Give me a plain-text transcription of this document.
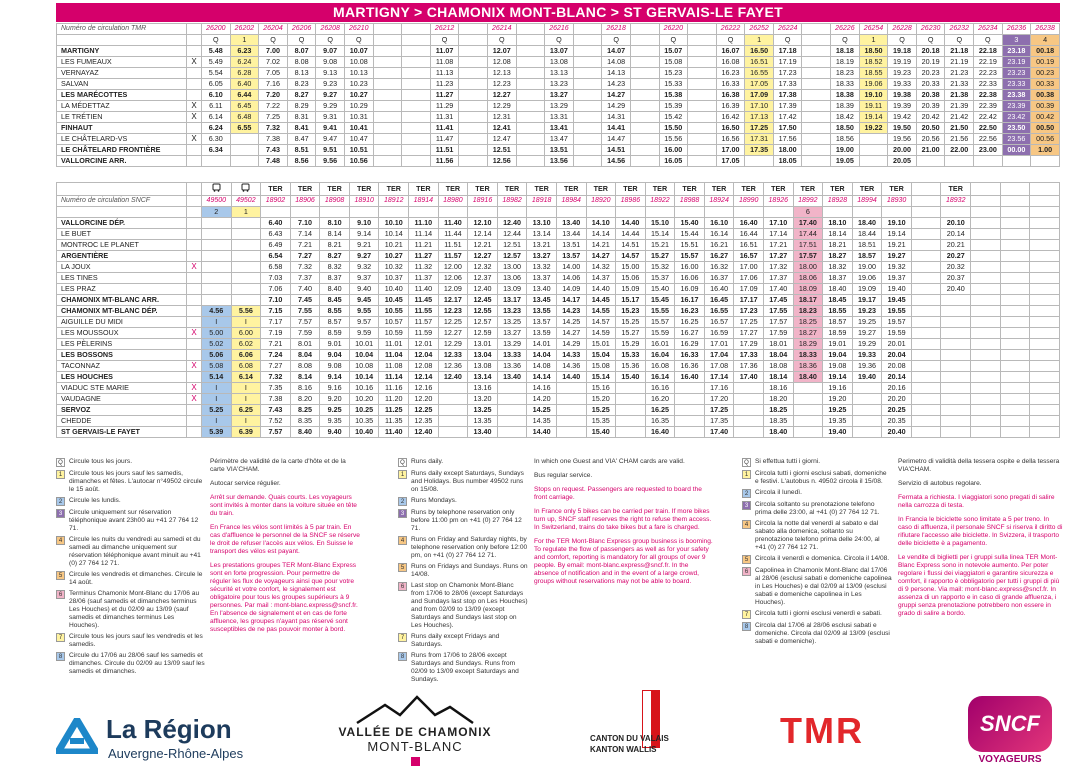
MARTIGNY > CHAMONIX MONT-BLANC > ST GERVAIS-LE FAYET
Numéro de circulation TMR		26200	26202	26204	26206	26208	26210			26212		26214		26216		26218		26220		26222	26252	26224		26226	26254	26228	26230	26232	26234	26236	26238
		Q	1	Q	Q	Q	Q			Q		Q		Q		Q		Q		Q	1	Q		Q	1	Q	Q	Q	Q	3	4
MARTIGNY		5.48	6.23	7.00	8.07	9.07	10.07			11.07		12.07		13.07		14.07		15.07		16.07	16.50	17.18		18.18	18.50	19.18	20.18	21.18	22.18	23.18	00.18
LES FUMEAUX	X	5.49	6.24	7.02	8.08	9.08	10.08			11.08		12.08		13.08		14.08		15.08		16.08	16.51	17.19		18.19	18.52	19.19	20.19	21.19	22.19	23.19	00.19
VERNAYAZ		5.54	6.28	7.05	8.13	9.13	10.13			11.13		12.13		13.13		14.13		15.23		16.23	16.55	17.23		18.23	18.55	19.23	20.23	21.23	22.23	23.23	00.23
SALVAN		6.05	6.40	7.16	8.23	9.23	10.23			11.23		12.23		13.23		14.23		15.33		16.33	17.05	17.33		18.33	19.06	19.33	20.33	21.33	22.33	23.33	00.33
LES MARÉCOTTES		6.10	6.44	7.20	8.27	9.27	10.27			11.27		12.27		13.27		14.27		15.38		16.38	17.09	17.38		18.38	19.10	19.38	20.38	21.38	22.38	23.38	00.38
LA MÉDETTAZ	X	6.11	6.45	7.22	8.29	9.29	10.29			11.29		12.29		13.29		14.29		15.39		16.39	17.10	17.39		18.39	19.11	19.39	20.39	21.39	22.39	23.39	00.39
LE TRÉTIEN	X	6.14	6.48	7.25	8.31	9.31	10.31			11.31		12.31		13.31		14.31		15.42		16.42	17.13	17.42		18.42	19.14	19.42	20.42	21.42	22.42	23.42	00.42
FINHAUT		6.24	6.55	7.32	8.41	9.41	10.41			11.41		12.41		13.41		14.41		15.50		16.50	17.25	17.50		18.50	19.22	19.50	20.50	21.50	22.50	23.50	00.50
LE CHÂTELARD-VS	X	6.30		7.38	8.47	9.47	10.47			11.47		12.47		13.47		14.47		15.56		16.56	17.31	17.56		18.56		19.56	20.56	21.56	22.56	23.56	00.56
LE CHÂTELARD FRONTIÈRE		6.34		7.43	8.51	9.51	10.51			11.51		12.51		13.51		14.51		16.00		17.00	17.35	18.00		19.00		20.00	21.00	22.00	23.00	00.00	1.00
VALLORCINE ARR.				7.48	8.56	9.56	10.56			11.56		12.56		13.56		14.56		16.05		17.05		18.05		19.05		20.05					
				TER	TER	TER	TER	TER	TER	TER	TER	TER	TER	TER	TER	TER	TER	TER	TER	TER	TER	TER	TER	TER	TER		TER			
Numéro de circulation SNCF		49500	49502	18902	18906	18908	18910	18912	18914	18980	18916	18982	18918	18984	18920	18986	18922	18988	18924	18990	18926	18992	18928	18994	18930		18932			
		2	1																			6								
VALLORCINE DÉP.				6.40	7.10	8.10	9.10	10.10	11.10	11.40	12.10	12.40	13.10	13.40	14.10	14.40	15.10	15.40	16.10	16.40	17.10	17.40	18.10	18.40	19.10		20.10			
LE BUET				6.43	7.14	8.14	9.14	10.14	11.14	11.44	12.14	12.44	13.14	13.44	14.14	14.44	15.14	15.44	16.14	16.44	17.14	17.44	18.14	18.44	19.14		20.14			
MONTROC LE PLANET				6.49	7.21	8.21	9.21	10.21	11.21	11.51	12.21	12.51	13.21	13.51	14.21	14.51	15.21	15.51	16.21	16.51	17.21	17.51	18.21	18.51	19.21		20.21			
ARGENTIÈRE				6.54	7.27	8.27	9.27	10.27	11.27	11.57	12.27	12.57	13.27	13.57	14.27	14.57	15.27	15.57	16.27	16.57	17.27	17.57	18.27	18.57	19.27		20.27			
LA JOUX	X			6.58	7.32	8.32	9.32	10.32	11.32	12.00	12.32	13.00	13.32	14.00	14.32	15.00	15.32	16.00	16.32	17.00	17.32	18.00	18.32	19.00	19.32		20.32			
LES TINES				7.03	7.37	8.37	9.37	10.37	11.37	12.06	12.37	13.06	13.37	14.06	14.37	15.06	15.37	16.06	16.37	17.06	17.37	18.06	18.37	19.06	19.37		20.37			
LES PRAZ				7.06	7.40	8.40	9.40	10.40	11.40	12.09	12.40	13.09	13.40	14.09	14.40	15.09	15.40	16.09	16.40	17.09	17.40	18.09	18.40	19.09	19.40		20.40			
CHAMONIX MT-BLANC ARR.				7.10	7.45	8.45	9.45	10.45	11.45	12.17	12.45	13.17	13.45	14.17	14.45	15.17	15.45	16.17	16.45	17.17	17.45	18.17	18.45	19.17	19.45					
CHAMONIX MT-BLANC DÉP.		4.56	5.56	7.15	7.55	8.55	9.55	10.55	11.55	12.23	12.55	13.23	13.55	14.23	14.55	15.23	15.55	16.23	16.55	17.23	17.55	18.23	18.55	19.23	19.55					
AIGUILLE DU MIDI		I	I	7.17	7.57	8.57	9.57	10.57	11.57	12.25	12.57	13.25	13.57	14.25	14.57	15.25	15.57	16.25	16.57	17.25	17.57	18.25	18.57	19.25	19.57					
LES MOUSSOUX	X	5.00	6.00	7.19	7.59	8.59	9.59	10.59	11.59	12.27	12.59	13.27	13.59	14.27	14.59	15.27	15.59	16.27	16.59	17.27	17.59	18.27	18.59	19.27	19.59					
LES PÈLERINS		5.02	6.02	7.21	8.01	9.01	10.01	11.01	12.01	12.29	13.01	13.29	14.01	14.29	15.01	15.29	16.01	16.29	17.01	17.29	18.01	18.29	19.01	19.29	20.01					
LES BOSSONS		5.06	6.06	7.24	8.04	9.04	10.04	11.04	12.04	12.33	13.04	13.33	14.04	14.33	15.04	15.33	16.04	16.33	17.04	17.33	18.04	18.33	19.04	19.33	20.04					
TACONNAZ	X	5.08	6.08	7.27	8.08	9.08	10.08	11.08	12.08	12.36	13.08	13.36	14.08	14.36	15.08	15.36	16.08	16.36	17.08	17.36	18.08	18.36	19.08	19.36	20.08					
LES HOUCHES		5.14	6.14	7.32	8.14	9.14	10.14	11.14	12.14	12.40	13.14	13.40	14.14	14.40	15.14	15.40	16.14	16.40	17.14	17.40	18.14	18.40	19.14	19.40	20.14					
VIADUC STE MARIE	X	I	I	7.35	8.16	9.16	10.16	11.16	12.16		13.16		14.16		15.16		16.16		17.16		18.16		19.16		20.16					
VAUDAGNE	X	I	I	7.38	8.20	9.20	10.20	11.20	12.20		13.20		14.20		15.20		16.20		17.20		18.20		19.20		20.20					
SERVOZ		5.25	6.25	7.43	8.25	9.25	10.25	11.25	12.25		13.25		14.25		15.25		16.25		17.25		18.25		19.25		20.25					
CHEDDE		I	I	7.52	8.35	9.35	10.35	11.35	12.35		13.35		14.35		15.35		16.35		17.35		18.35		19.35		20.35					
ST GERVAIS-LE FAYET		5.39	6.39	7.57	8.40	9.40	10.40	11.40	12.40		13.40		14.40		15.40		16.40		17.40		18.40		19.40		20.40					
Q Circule tous les jours.
1	Circule tous les jours sauf les samedis, dimanches et fêtes. L'autocar n°49502 circule le 15 août.
2	Circule les lundis.
3	Circule uniquement sur réservation téléphonique avant 23h00 au +41 27 764 12 71.
4	Circule les nuits du vendredi au samedi et du samedi au dimanche uniquement sur réservation téléphonique avant minuit au +41 (0) 27 764 12 71.
5	Circule les vendredis et dimanches. Circule le 14 août.
6	Terminus Chamonix Mont-Blanc du 17/06 au 28/06 (sauf samedis et dimanches terminus Les Houches) et du 02/09 au 13/09 (sauf samedis et dimanches terminus Les Houches).
7	Circule tous les jours sauf les vendredis et les samedis.
8	Circule du 17/06 au 28/06 sauf les samedis et dimanches. Circule du 02/09 au 13/09 sauf les samedis et dimanches.
Périmètre de validité de la carte d'hôte et de la carte VIA'CHAM.
Autocar service régulier.
Arrêt sur demande. Quais courts. Les voyageurs sont invités à monter dans la voiture située en tête du train.
En France les vélos sont limités à 5 par train. En cas d'affluence le personnel de la SNCF se réserve le droit de refuser l'accès aux vélos. En Suisse le transport des vélos est payant.
Les prestations groupes TER Mont-Blanc Express sont en forte progression. Pour permettre de réguler les flux de voyageurs ainsi que pour votre sécurité et votre confort, le signalement est obligatoire pour tous les groupes supérieurs à 9 personnes. Par mail : mont-blanc.express@sncf.fr. En l'absence de signalement et en cas de forte affluence, les groupes n'ayant pas réservé sont susceptibles de ne pas pouvoir monter à bord.
Q Runs daily.
1	Runs daily except Saturdays, Sundays and Holidays. Bus number 49502 runs on 15/08.
2	Runs Mondays.
3	Runs by telephone reservation only before 11:00 pm on +41 (0) 27 764 12 71.
4	Runs on Friday and Saturday nights, by telephone reservation only before 12:00 pm, on +41 (0) 27 764 12 71.
5	Runs on Fridays and Sundays. Runs on 14/08.
6	Last stop on Chamonix Mont-Blanc from 17/06 to 28/06 (except Saturdays and Sundays last stop on Les Houches) and from 02/09 to 13/09 (except Saturdays and Sundays last stop on Les Houches).
7	Runs daily except Fridays and Saturdays.
8	Runs from 17/06 to 28/06 except Saturdays and Sundays. Runs from 02/09 to 13/09 except Saturdays and Sundays.
In which one Guest and VIA' CHAM cards are valid.
Bus regular service.
Stops on request. Passengers are requested to board the front carriage.
In France only 5 bikes can be carried per train. If more bikes turn up, SNCF staff reserves the right to refuse them access. In Switzerland, trains do take bikes but a fare is charged.
For the TER Mont-Blanc Express group business is booming. To regulate the flow of passengers as well as for your safety and comfort, reporting is mandatory for all groups of over 9 people. By email: mont-blanc.express@sncf.fr. In the absence of notification and in the event of a large crowd, groups without reservations may not be able to board.
Q Si effettua tutti i giorni.
1	Circola tutti i giorni esclusi sabati, domeniche e festivi. L'autobus n. 49502 circola il 15/08.
2	Circola il lunedì.
3	Circola soltanto su prenotazione telefono prima delle 23:00, al +41 (0) 27 764 12 71.
4	Circola la notte dal venerdì al sabato e dal sabato alla domenica, soltanto su prenotazione telefono prima delle 24:00, al +41 (0) 27 764 12 71.
5	Circola il venerdì e domenica. Circola il 14/08.
6	Capolinea in Chamonix Mont-Blanc dal 17/06 al 28/06 (esclusi sabati e domeniche capolinea in Les Houches) e dal 02/09 al 13/09 (esclusi sabati e domeniche capolinea in Les Houches).
7	Circola tutti i giorni esclusi venerdì e sabati.
8	Circola dal 17/06 al 28/06 esclusi sabati e domeniche. Circola dal 02/09 al 13/09 (esclusi sabati e domeniche).
Perimetro di validità della tessera ospite e della tessera VIA'CHAM.
Servizio di autobus regolare.
Fermata a richiesta. I viaggiatori sono pregati di salire nella carrozza di testa.
In Francia le biciclette sono limitate a 5 per treno. In caso di affluenza, il personale SNCF si riserva il diritto di rifiutare l'accesso alle biciclette. In Svizzera, il trasporto delle biciclette è a pagamento.
Le vendite di biglietti per i gruppi sulla linea TER Mont-Blanc Express sono in notevole aumento. Per poter regolare i flussi dei viaggiatori e garantire sicurezza e comfort, il rapporto è obbligatorio per tutti i gruppi di più di 9 persone. Via mail: mont-blanc.express@sncf.fr. In assenza di un rapporto e in caso di grande affluenza, i gruppi senza prenotazione potrebbero non essere in grado di salire a bordo.
La Région
Auvergne-Rhône-Alpes
VALLÉE DE CHAMONIX
MONT-BLANC
CANTON DU VALAIS
KANTON WALLIS	TMR	SNCF
VOYAGEURS
